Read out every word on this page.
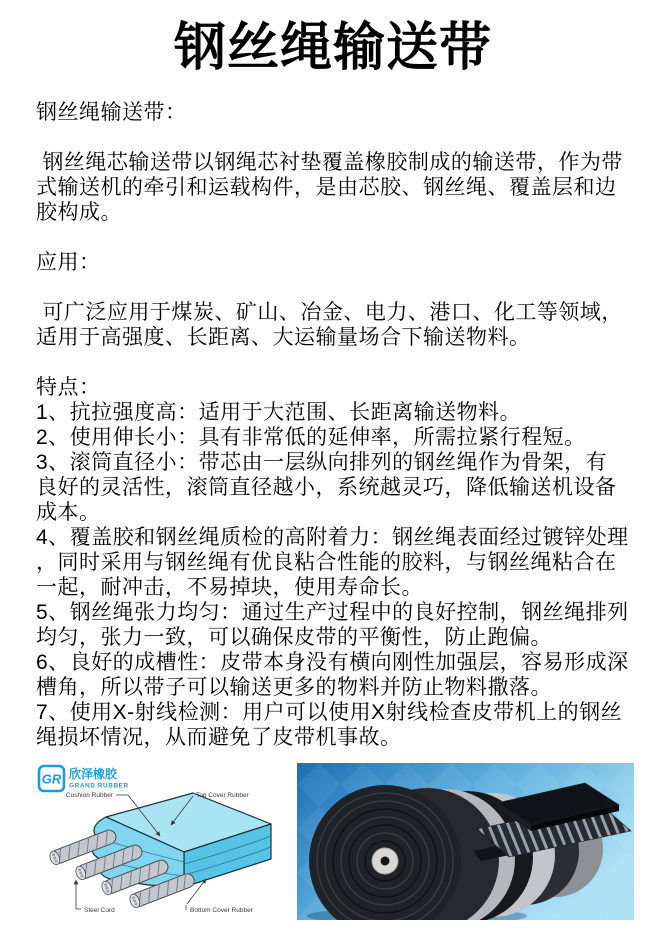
钢丝绳输送带
钢丝绳输送带：
钢丝绳芯输送带以钢绳芯衬垫覆盖橡胶制成的输送带，作为带
式输送机的牵引和运载构件，是由芯胶、钢丝绳、覆盖层和边
胶构成。
应用：
可广泛应用于煤炭、矿山、冶金、电力、港口、化工等领域，
适用于高强度、长距离、大运输量场合下输送物料。
特点：
1、抗拉强度高：适用于大范围、长距离输送物料。
2、使用伸长小：具有非常低的延伸率，所需拉紧行程短。
3、滚筒直径小：带芯由一层纵向排列的钢丝绳作为骨架，有
良好的灵活性，滚筒直径越小，系统越灵巧，降低输送机设备
成本。
4、覆盖胶和钢丝绳质检的高附着力：钢丝绳表面经过镀锌处理
，同时采用与钢丝绳有优良粘合性能的胶料，与钢丝绳粘合在
一起，耐冲击，不易掉块，使用寿命长。
5、钢丝绳张力均匀：通过生产过程中的良好控制，钢丝绳排列
均匀，张力一致，可以确保皮带的平衡性，防止跑偏。
6、良好的成槽性：皮带本身没有横向刚性加强层，容易形成深
槽角，所以带子可以输送更多的物料并防止物料撒落。
7、使用X-射线检测：用户可以使用X射线检查皮带机上的钢丝
绳损坏情况，从而避免了皮带机事故。
GR 欣泽橡胶
GRAND RUBBER
Cushion Rubber	Top Cover Rubber
Steel Cord	Bottom Cover Rubber
